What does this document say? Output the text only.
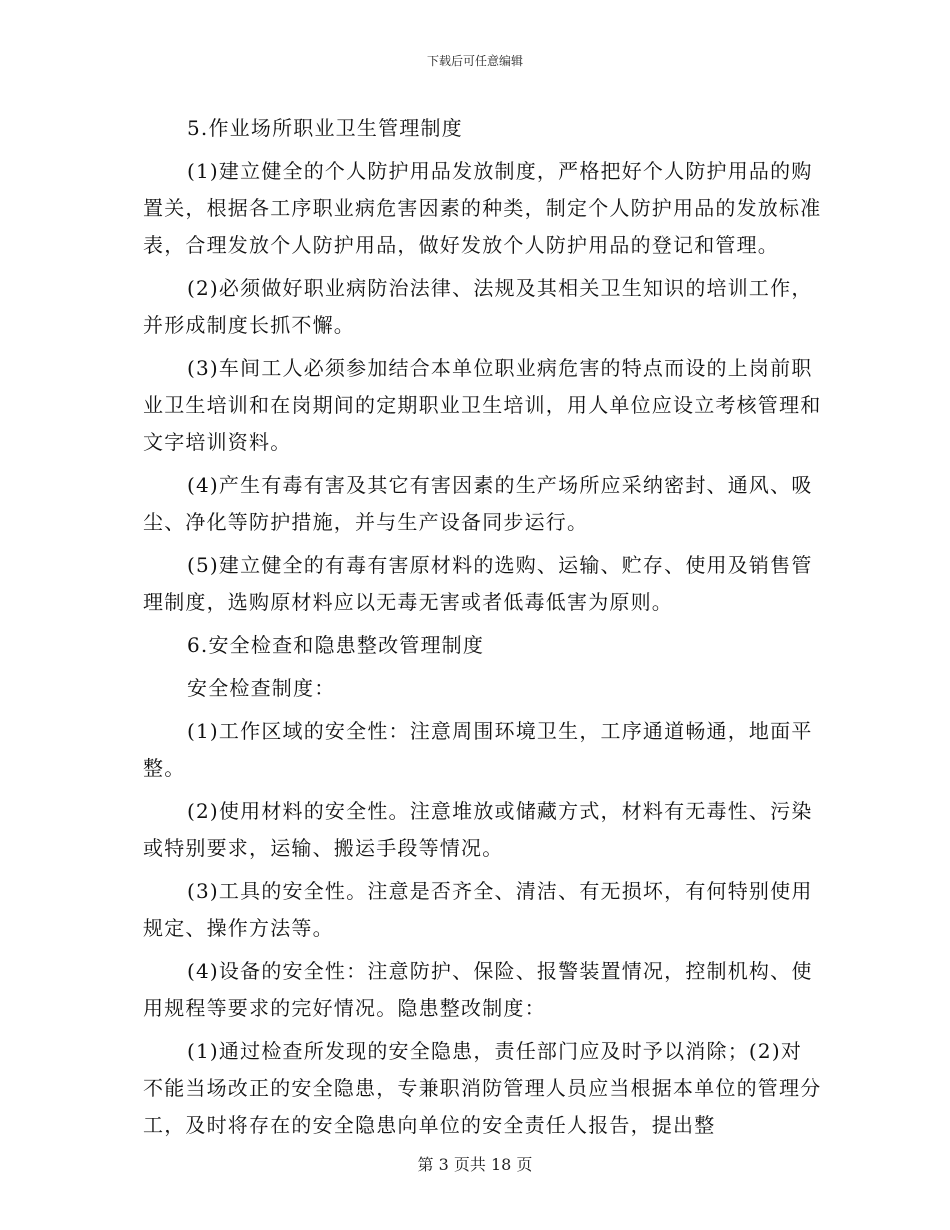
下载后可任意编辑

5.作业场所职业卫生管理制度

(1)建立健全的个人防护用品发放制度，严格把好个人防护用品的购置关，根据各工序职业病危害因素的种类，制定个人防护用品的发放标准表，合理发放个人防护用品，做好发放个人防护用品的登记和管理。

(2)必须做好职业病防治法律、法规及其相关卫生知识的培训工作，并形成制度长抓不懈。

(3)车间工人必须参加结合本单位职业病危害的特点而设的上岗前职业卫生培训和在岗期间的定期职业卫生培训，用人单位应设立考核管理和文字培训资料。

(4)产生有毒有害及其它有害因素的生产场所应采纳密封、通风、吸尘、净化等防护措施，并与生产设备同步运行。

(5)建立健全的有毒有害原材料的选购、运输、贮存、使用及销售管理制度，选购原材料应以无毒无害或者低毒低害为原则。

6.安全检查和隐患整改管理制度

安全检查制度：

(1)工作区域的安全性：注意周围环境卫生，工序通道畅通，地面平整。

(2)使用材料的安全性。注意堆放或储藏方式，材料有无毒性、污染或特别要求，运输、搬运手段等情况。

(3)工具的安全性。注意是否齐全、清洁、有无损坏，有何特别使用规定、操作方法等。

(4)设备的安全性：注意防护、保险、报警装置情况，控制机构、使用规程等要求的完好情况。隐患整改制度：

(1)通过检查所发现的安全隐患，责任部门应及时予以消除；(2)对不能当场改正的安全隐患，专兼职消防管理人员应当根据本单位的管理分工，及时将存在的安全隐患向单位的安全责任人报告，提出整

第 3 页共 18 页
